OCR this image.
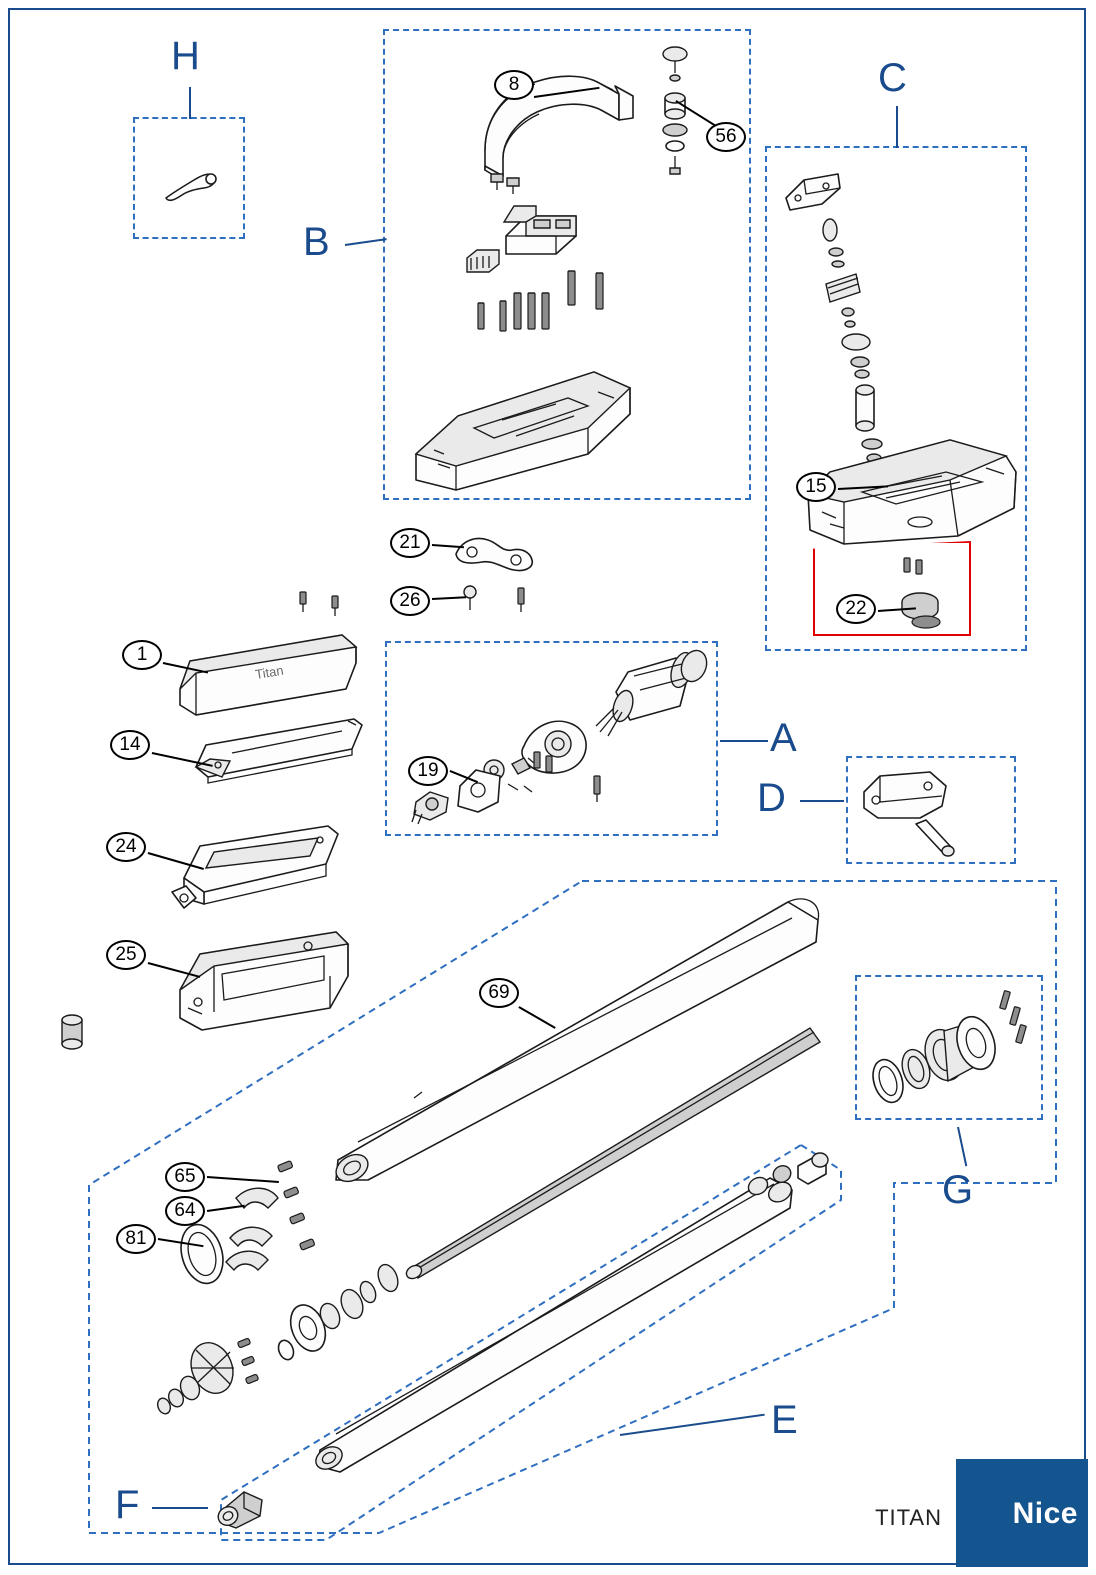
H
B
C
A
D
E
F
G
Titan
8
56
15
22
21
26
1
14
24
25
19
69
65
64
81
Nice
TITAN
